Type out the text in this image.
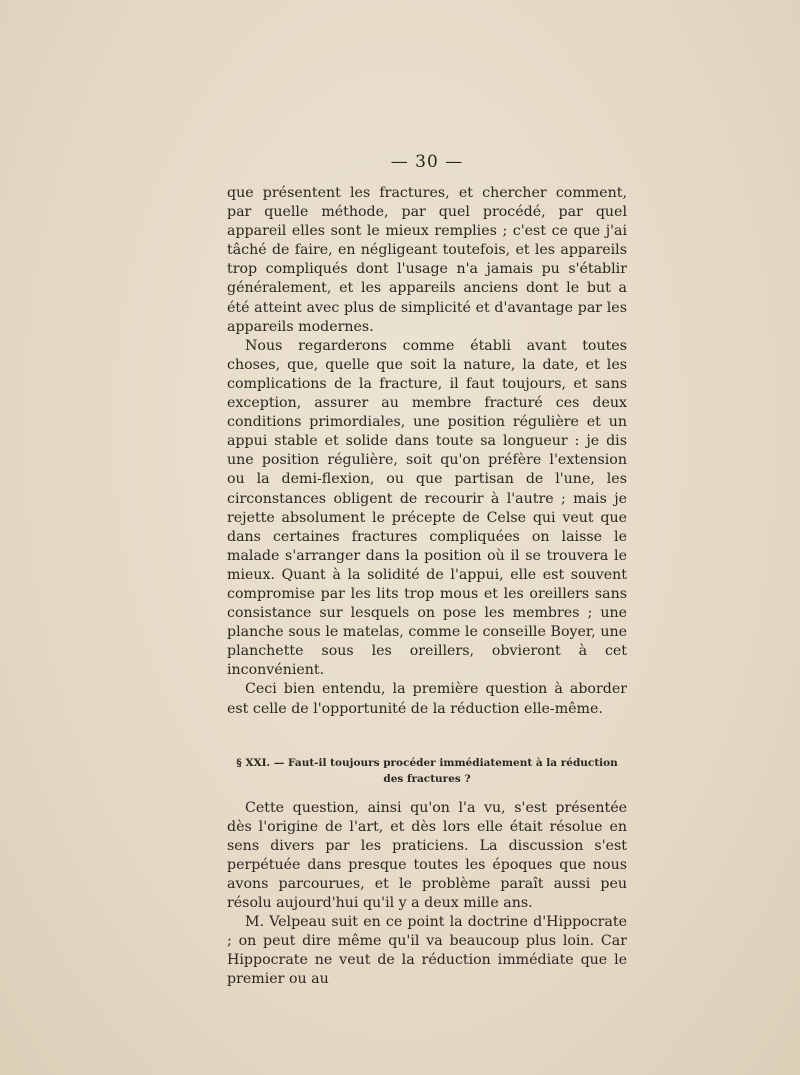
— 30 —

que présentent les fractures, et chercher comment, par quelle méthode, par quel procédé, par quel appareil elles sont le mieux remplies ; c'est ce que j'ai tâché de faire, en négligeant toutefois, et les appareils trop compliqués dont l'usage n'a jamais pu s'établir généralement, et les appareils anciens dont le but a été atteint avec plus de simplicité et d'avantage par les appareils modernes.

Nous regarderons comme établi avant toutes choses, que, quelle que soit la nature, la date, et les complications de la fracture, il faut toujours, et sans exception, assurer au membre fracturé ces deux conditions primordiales, une position régulière et un appui stable et solide dans toute sa longueur : je dis une position régulière, soit qu'on préfère l'extension ou la demi-flexion, ou que partisan de l'une, les circonstances obligent de recourir à l'autre ; mais je rejette absolument le précepte de Celse qui veut que dans certaines fractures compliquées on laisse le malade s'arranger dans la position où il se trouvera le mieux. Quant à la solidité de l'appui, elle est souvent compromise par les lits trop mous et les oreillers sans consistance sur lesquels on pose les membres ; une planche sous le matelas, comme le conseille Boyer, une planchette sous les oreillers, obvieront à cet inconvénient.

Ceci bien entendu, la première question à aborder est celle de l'opportunité de la réduction elle-même.

§ XXI. — Faut-il toujours procéder immédiatement à la réduction
des fractures ?

Cette question, ainsi qu'on l'a vu, s'est présentée dès l'origine de l'art, et dès lors elle était résolue en sens divers par les praticiens. La discussion s'est perpétuée dans presque toutes les époques que nous avons parcourues, et le problème paraît aussi peu résolu aujourd'hui qu'il y a deux mille ans.

M. Velpeau suit en ce point la doctrine d'Hippocrate ; on peut dire même qu'il va beaucoup plus loin. Car Hippocrate ne veut de la réduction immédiate que le premier ou au
